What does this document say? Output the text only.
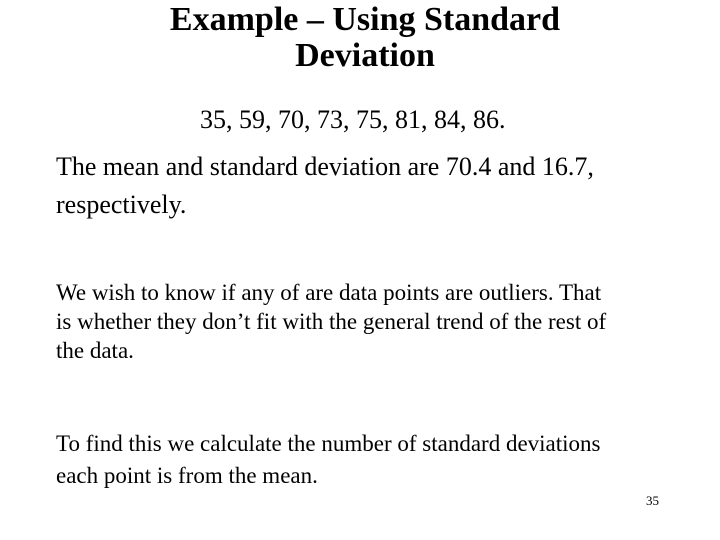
Example – Using Standard
Deviation
35, 59, 70, 73, 75, 81, 84, 86.
The mean and standard deviation are 70.4 and 16.7, respectively.
We wish to know if any of are data points are outliers. That is whether they don’t fit with the general trend of the rest of the data.
To find this we calculate the number of standard deviations each point is from the mean.
35
